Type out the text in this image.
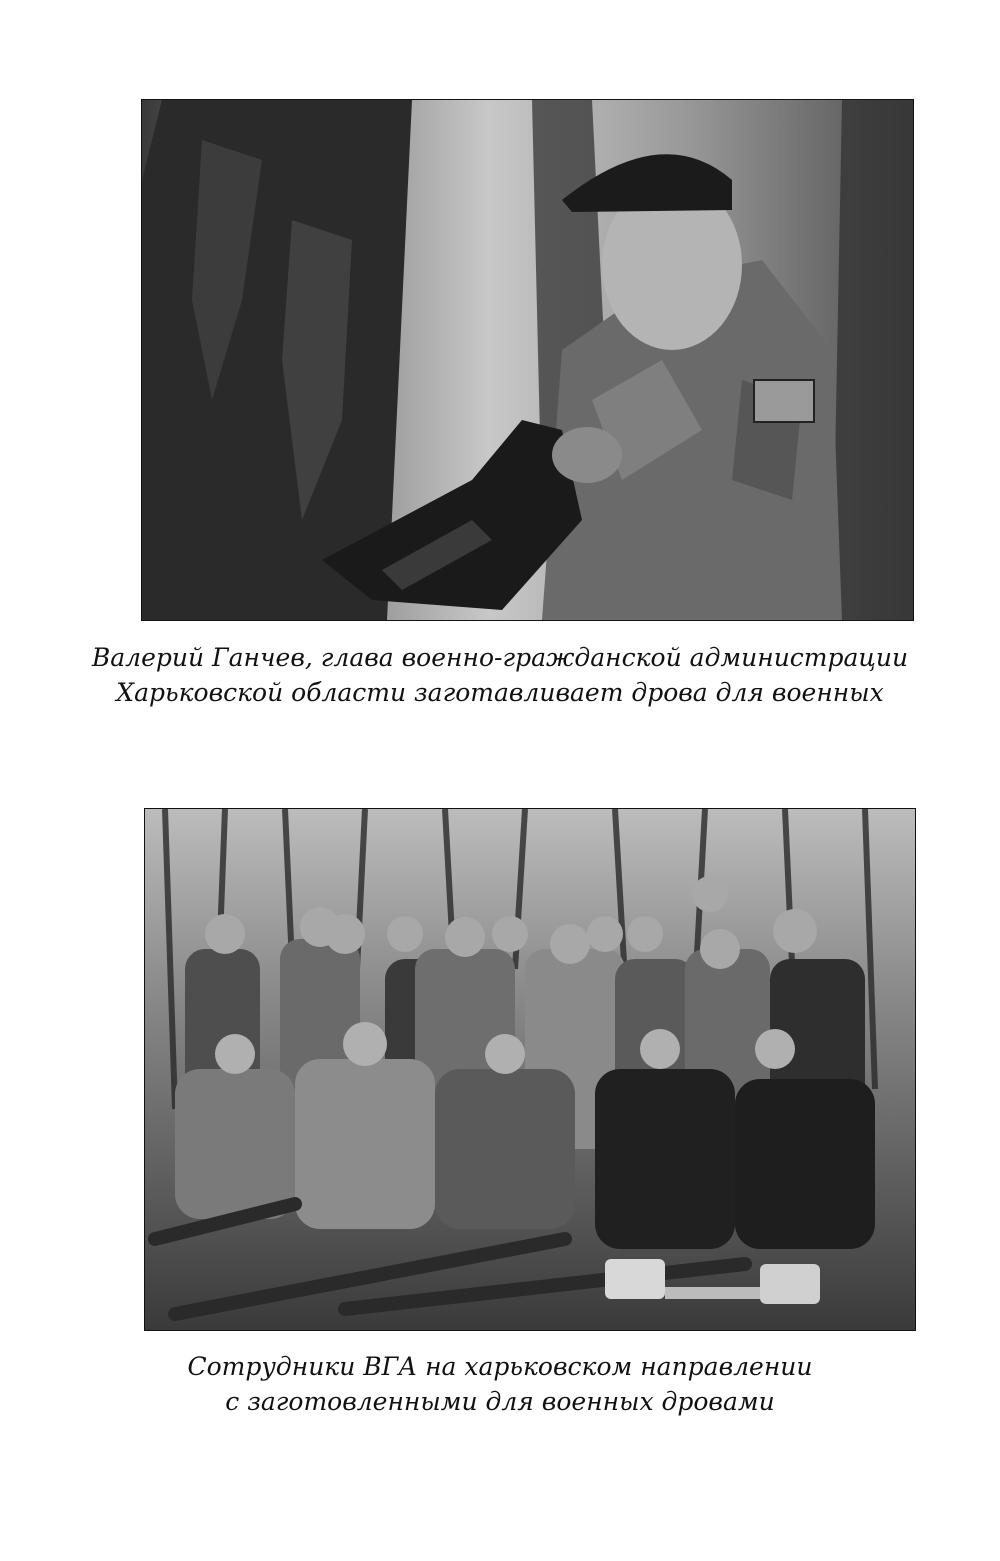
Валерий Ганчев, глава военно-гражданской администрации
Харьковской области заготавливает дрова для военных
Сотрудники ВГА на харьковском направлении
с заготовленными для военных дровами
